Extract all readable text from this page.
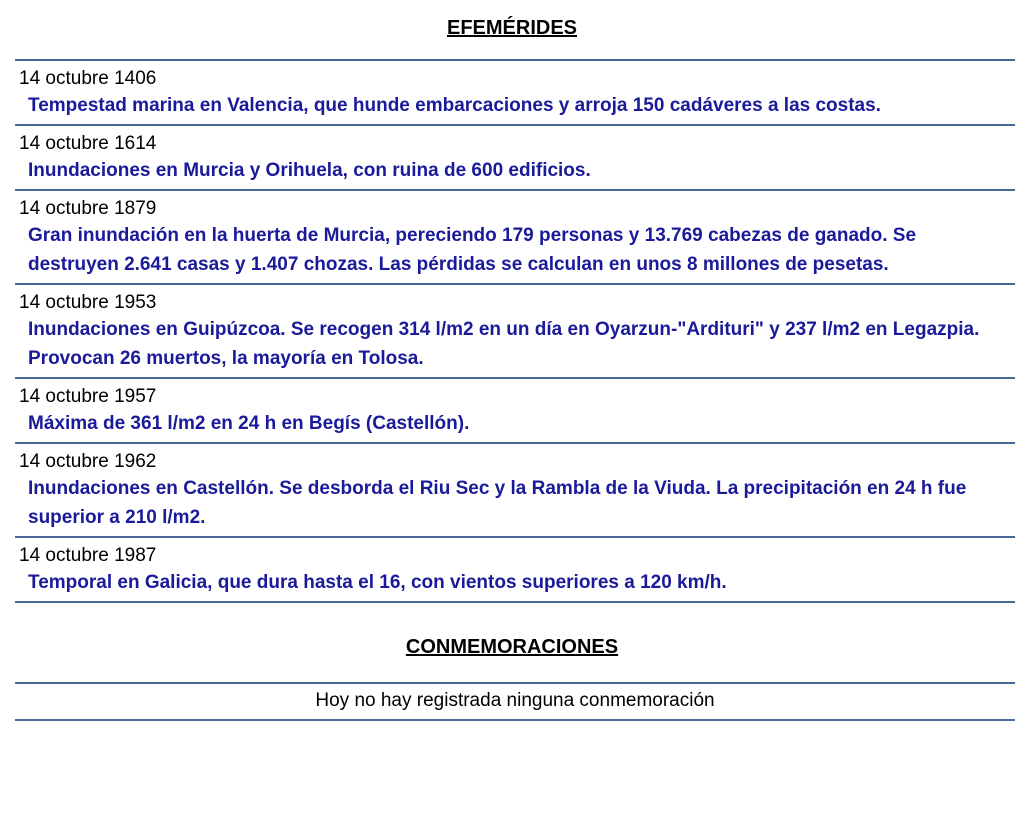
EFEMÉRIDES
14 octubre 1406
Tempestad marina en Valencia, que hunde embarcaciones y arroja 150 cadáveres a las costas.
14 octubre 1614
Inundaciones en Murcia y Orihuela, con ruina de 600 edificios.
14 octubre 1879
Gran inundación en la huerta de Murcia, pereciendo 179 personas y 13.769 cabezas de ganado. Se destruyen 2.641 casas y 1.407 chozas. Las pérdidas se calculan en unos 8 millones de pesetas.
14 octubre 1953
Inundaciones en Guipúzcoa. Se recogen 314 l/m2 en un día en Oyarzun-"Ardituri" y 237 l/m2 en Legazpia. Provocan 26 muertos, la mayoría en Tolosa.
14 octubre 1957
Máxima de 361 l/m2 en 24 h en Begís (Castellón).
14 octubre 1962
Inundaciones en Castellón. Se desborda el Riu Sec y la Rambla de la Viuda. La precipitación en 24 h fue superior a 210 l/m2.
14 octubre 1987
Temporal en Galicia, que dura hasta el 16, con vientos superiores a 120 km/h.
CONMEMORACIONES
Hoy no hay registrada ninguna conmemoración
